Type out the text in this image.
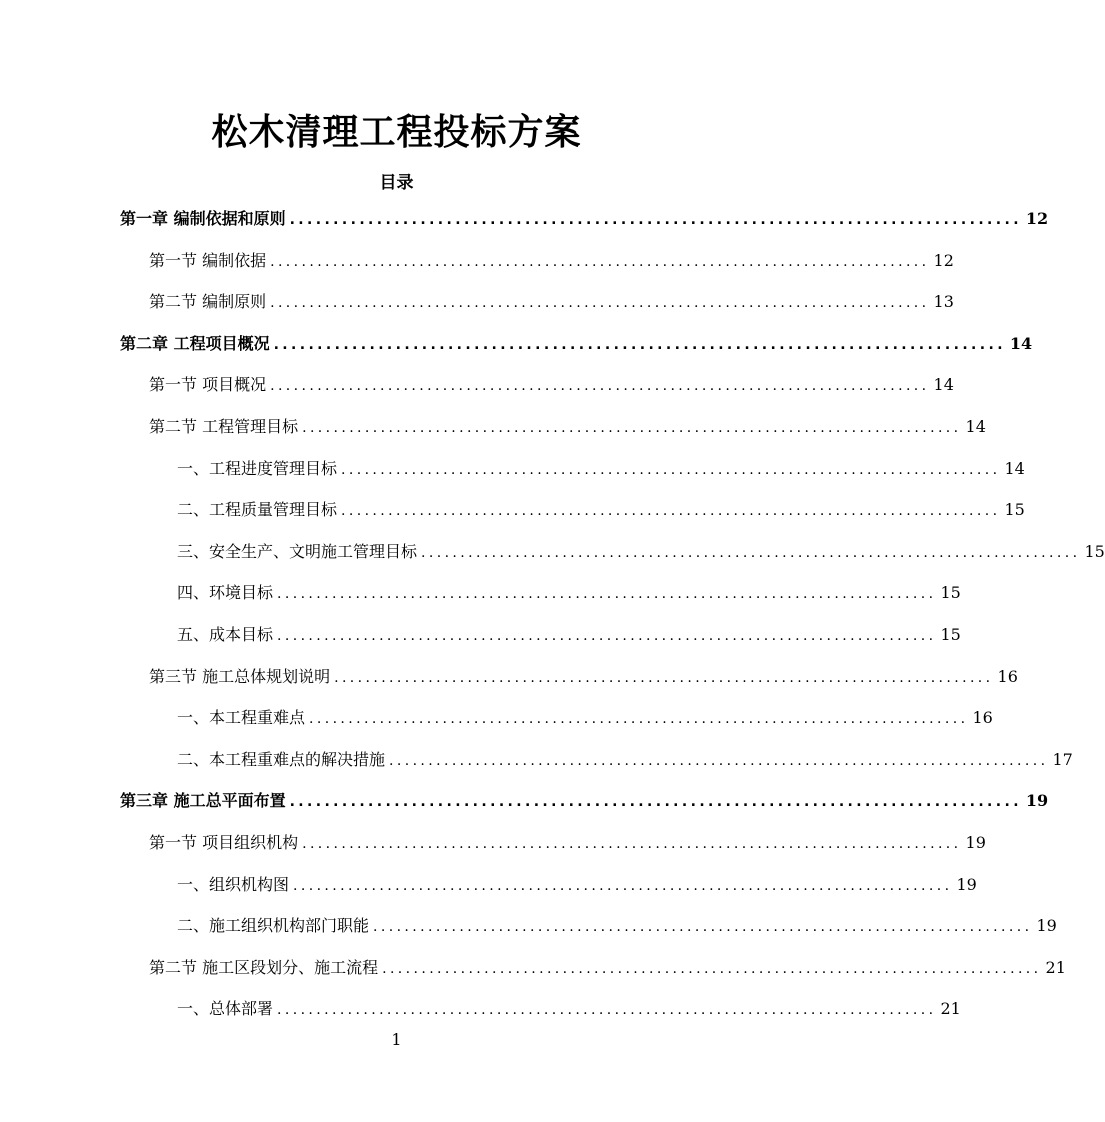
松木清理工程投标方案
目录
第一章 编制依据和原则 .................................................................................... 12
第一节 编制依据 .................................................................................... 12
第二节 编制原则 .................................................................................... 13
第二章 工程项目概况 .................................................................................... 14
第一节 项目概况 .................................................................................... 14
第二节 工程管理目标 .................................................................................... 14
一、工程进度管理目标 .................................................................................... 14
二、工程质量管理目标 .................................................................................... 15
三、安全生产、文明施工管理目标 .................................................................................... 15
四、环境目标 .................................................................................... 15
五、成本目标 .................................................................................... 15
第三节 施工总体规划说明 .................................................................................... 16
一、本工程重难点 .................................................................................... 16
二、本工程重难点的解决措施 .................................................................................... 17
第三章 施工总平面布置 .................................................................................... 19
第一节 项目组织机构 .................................................................................... 19
一、组织机构图 .................................................................................... 19
二、施工组织机构部门职能 .................................................................................... 19
第二节 施工区段划分、施工流程 .................................................................................... 21
一、总体部署 .................................................................................... 21
1
